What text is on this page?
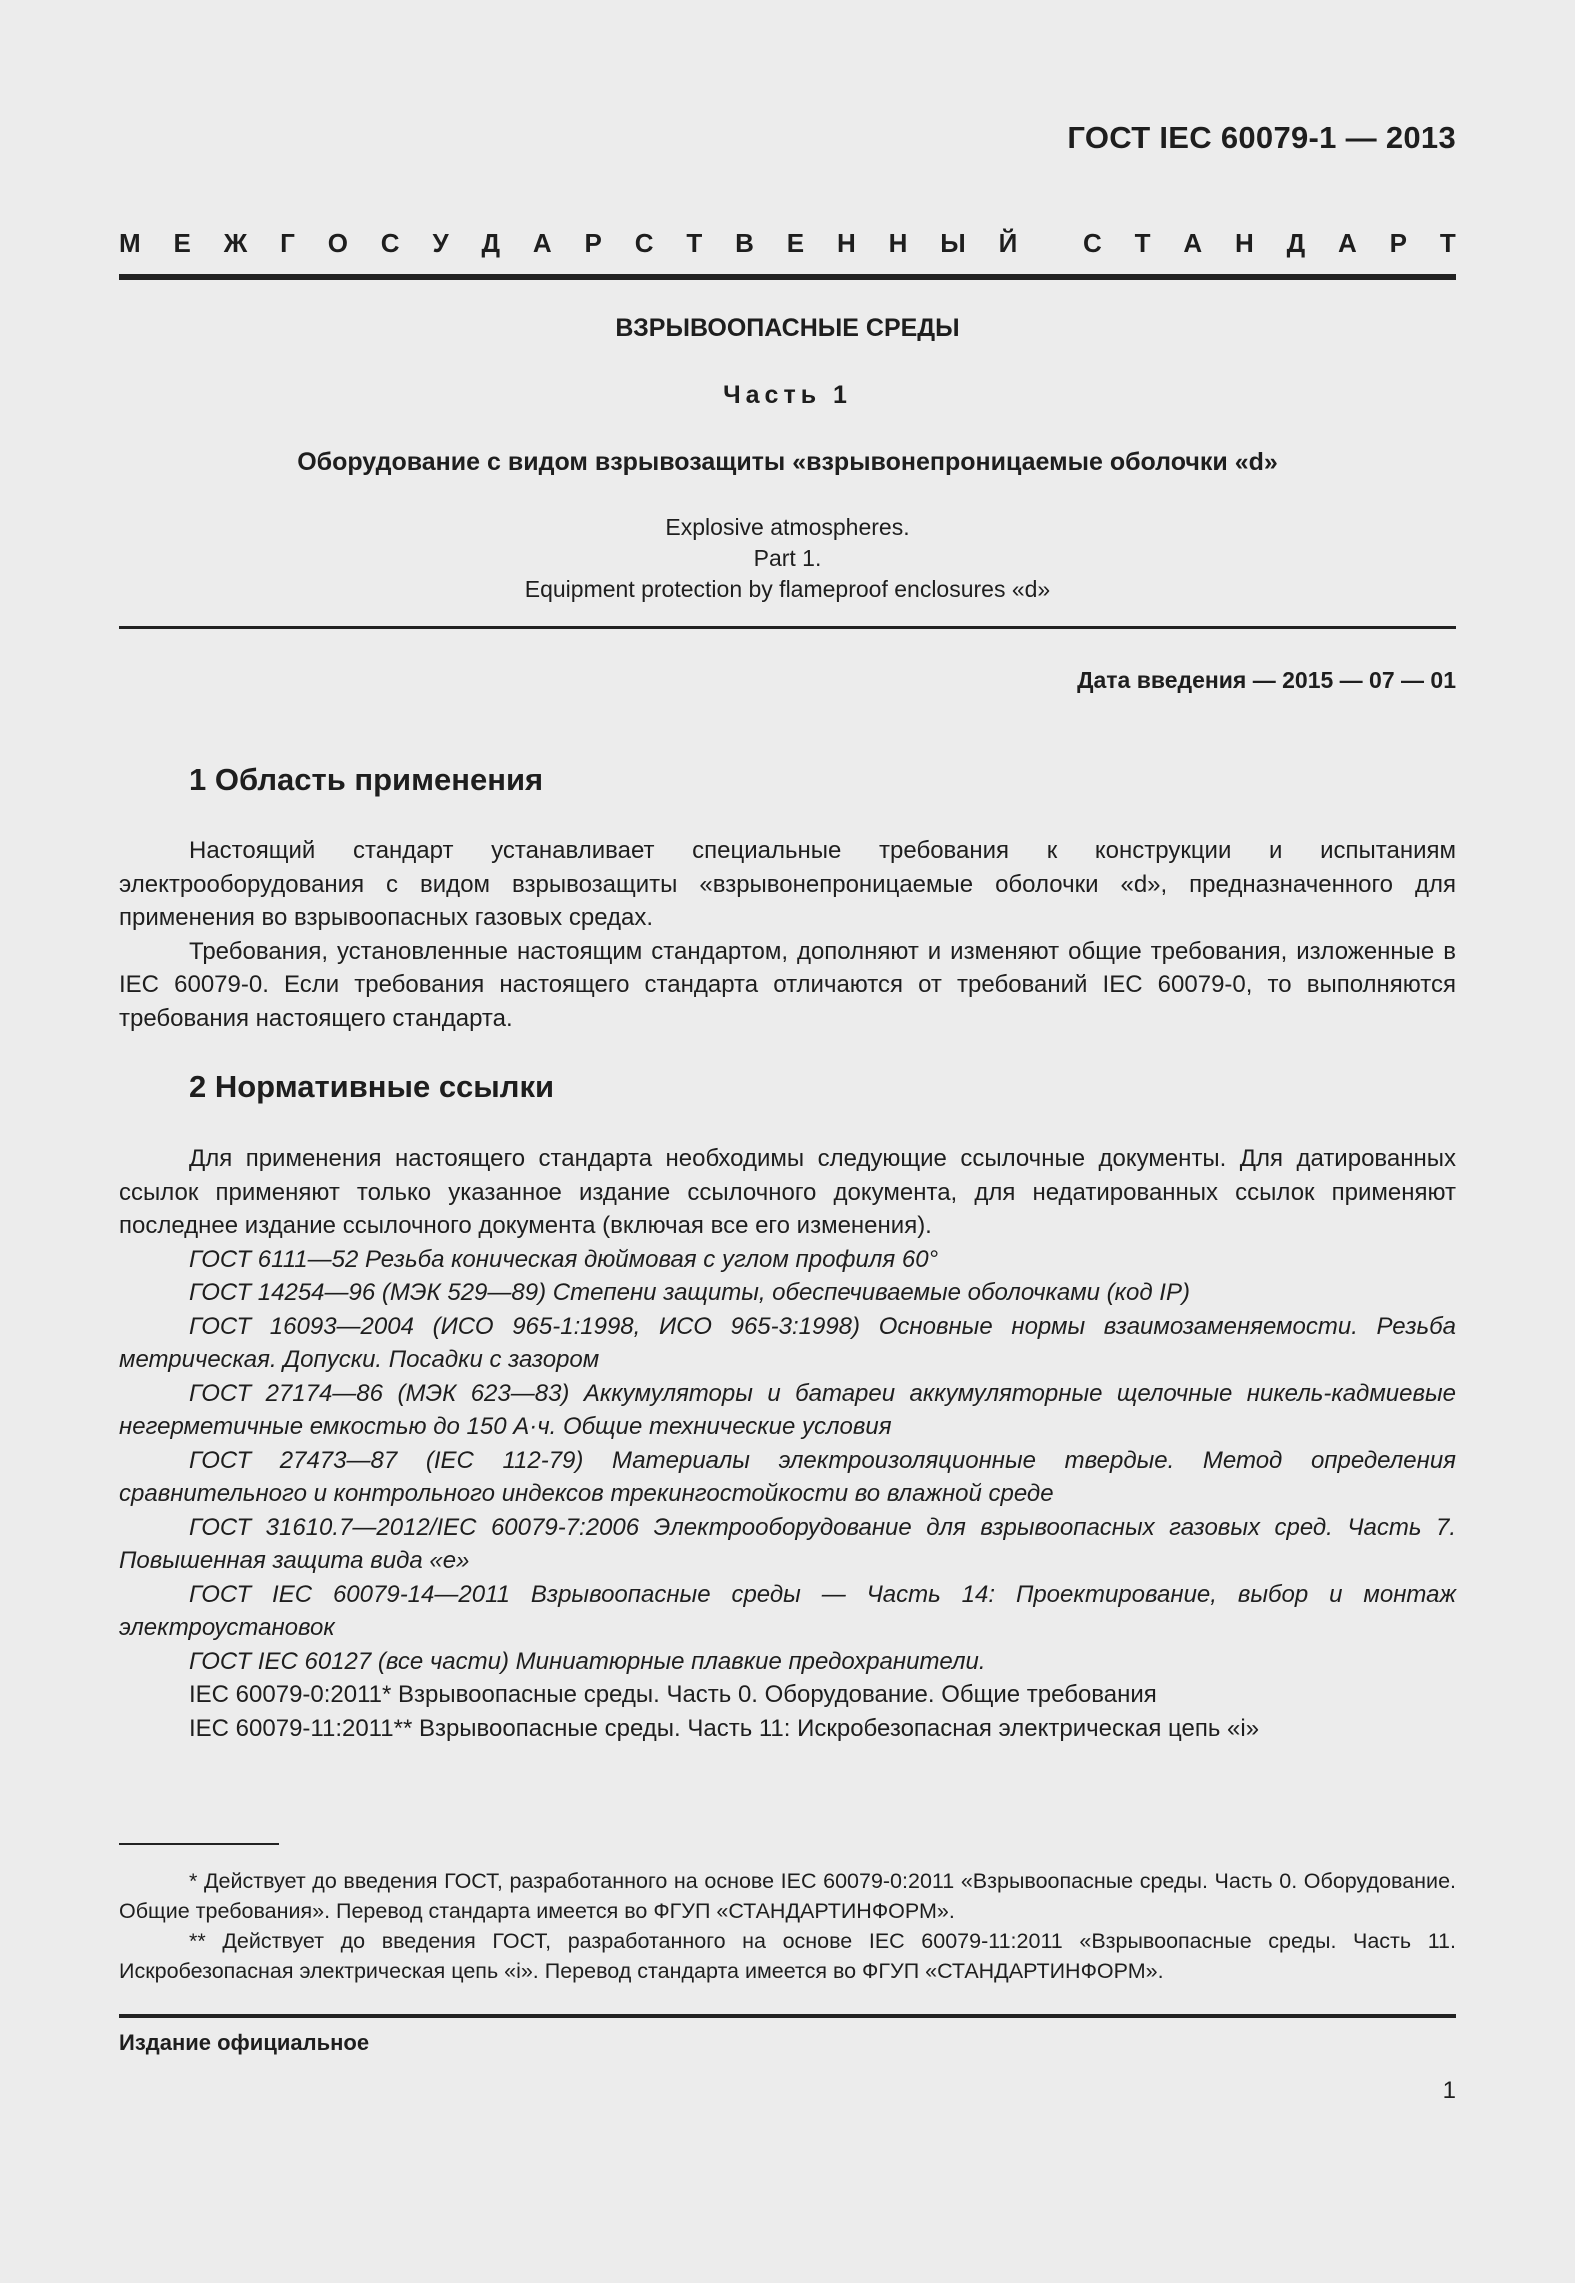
ГОСТ IEC 60079-1 — 2013
М Е Ж Г О С У Д А Р С Т В Е Н Н Ы Й	С Т А Н Д А Р Т
ВЗРЫВООПАСНЫЕ СРЕДЫ
Часть 1
Оборудование с видом взрывозащиты «взрывонепроницаемые оболочки «d»
Explosive atmospheres.
Part 1.
Equipment protection by flameproof enclosures «d»
Дата введения — 2015 — 07 — 01
1 Область применения

Настоящий стандарт устанавливает специальные требования к конструкции и испытаниям электрооборудования с видом взрывозащиты «взрывонепроницаемые оболочки «d», предназначенного для применения во взрывоопасных газовых средах.

Требования, установленные настоящим стандартом, дополняют и изменяют общие требования, изложенные в IEC 60079-0. Если требования настоящего стандарта отличаются от требований IEC 60079-0, то выполняются требования настоящего стандарта.

2 Нормативные ссылки

Для применения настоящего стандарта необходимы следующие ссылочные документы. Для датированных ссылок применяют только указанное издание ссылочного документа, для недатированных ссылок применяют последнее издание ссылочного документа (включая все его изменения).

ГОСТ 6111—52 Резьба коническая дюймовая с углом профиля 60°

ГОСТ 14254—96 (МЭК 529—89) Степени защиты, обеспечиваемые оболочками (код IP)

ГОСТ 16093—2004 (ИСО 965-1:1998, ИСО 965-3:1998) Основные нормы взаимозаменяемости. Резьба метрическая. Допуски. Посадки с зазором

ГОСТ 27174—86 (МЭК 623—83) Аккумуляторы и батареи аккумуляторные щелочные никель-кадмиевые негерметичные емкостью до 150 А·ч. Общие технические условия

ГОСТ 27473—87 (IEC 112-79) Материалы электроизоляционные твердые. Метод определения сравнительного и контрольного индексов трекингостойкости во влажной среде

ГОСТ 31610.7—2012/IEC 60079-7:2006 Электрооборудование для взрывоопасных газовых сред. Часть 7. Повышенная защита вида «е»

ГОСТ IEC 60079-14—2011 Взрывоопасные среды — Часть 14: Проектирование, выбор и монтаж электроустановок

ГОСТ IEC 60127 (все части) Миниатюрные плавкие предохранители.

IEC 60079-0:2011* Взрывоопасные среды. Часть 0. Оборудование. Общие требования

IEC 60079-11:2011** Взрывоопасные среды. Часть 11: Искробезопасная электрическая цепь «i»

* Действует до введения ГОСТ, разработанного на основе IEC 60079-0:2011 «Взрывоопасные среды. Часть 0. Оборудование. Общие требования». Перевод стандарта имеется во ФГУП «СТАНДАРТИНФОРМ».

** Действует до введения ГОСТ, разработанного на основе IEC 60079-11:2011 «Взрывоопасные среды. Часть 11. Искробезопасная электрическая цепь «i». Перевод стандарта имеется во ФГУП «СТАНДАРТИНФОРМ».

Издание официальное
1
